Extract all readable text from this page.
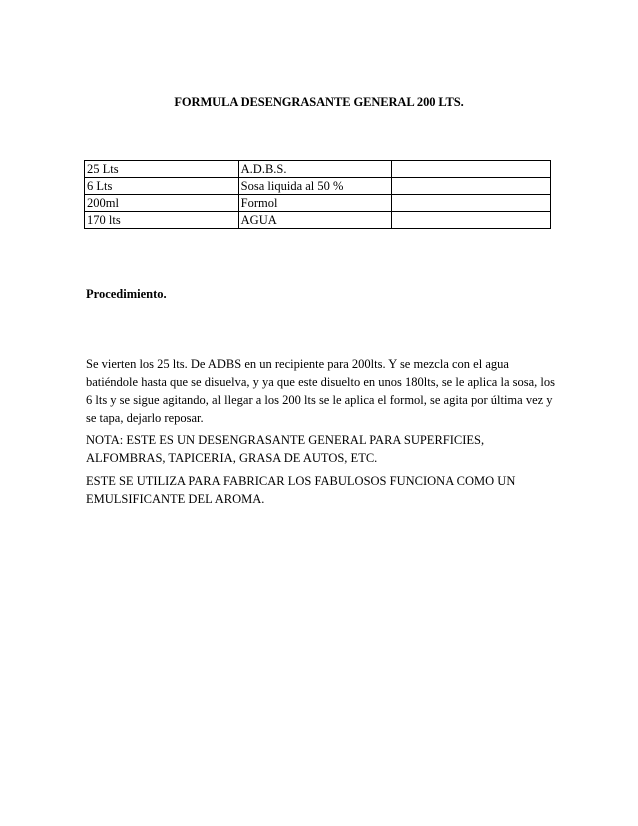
FORMULA DESENGRASANTE GENERAL 200 LTS.
25 Lts	A.D.B.S.	
6 Lts	Sosa liquida al 50 %	
200ml	Formol	
170 lts	AGUA	
Procedimiento.

Se vierten los 25 lts. De ADBS en un recipiente para 200lts. Y se mezcla con el agua batiéndole hasta que se disuelva, y ya que este disuelto en unos 180lts, se le aplica la sosa, los 6 lts y se sigue agitando, al llegar a los 200 lts se le aplica el formol, se agita por última vez y se tapa, dejarlo reposar.

NOTA: ESTE ES UN DESENGRASANTE GENERAL PARA SUPERFICIES, ALFOMBRAS, TAPICERIA, GRASA DE AUTOS, ETC.

ESTE SE UTILIZA PARA FABRICAR LOS FABULOSOS FUNCIONA COMO UN EMULSIFICANTE DEL AROMA.
